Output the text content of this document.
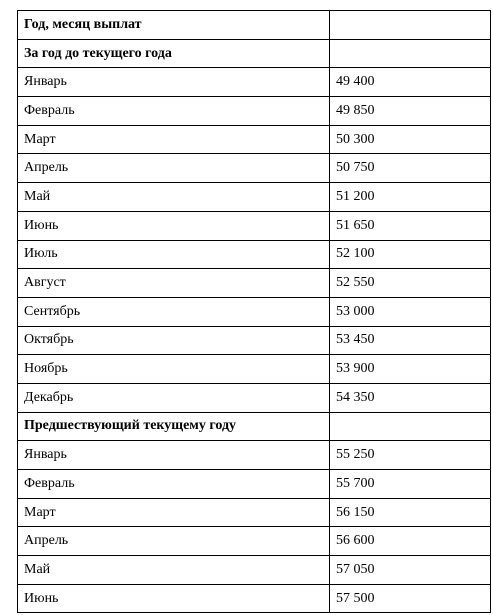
Год, месяц выплат	
За год до текущего года	
Январь	49 400
Февраль	49 850
Март	50 300
Апрель	50 750
Май	51 200
Июнь	51 650
Июль	52 100
Август	52 550
Сентябрь	53 000
Октябрь	53 450
Ноябрь	53 900
Декабрь	54 350
Предшествующий текущему году	
Январь	55 250
Февраль	55 700
Март	56 150
Апрель	56 600
Май	57 050
Июнь	57 500
